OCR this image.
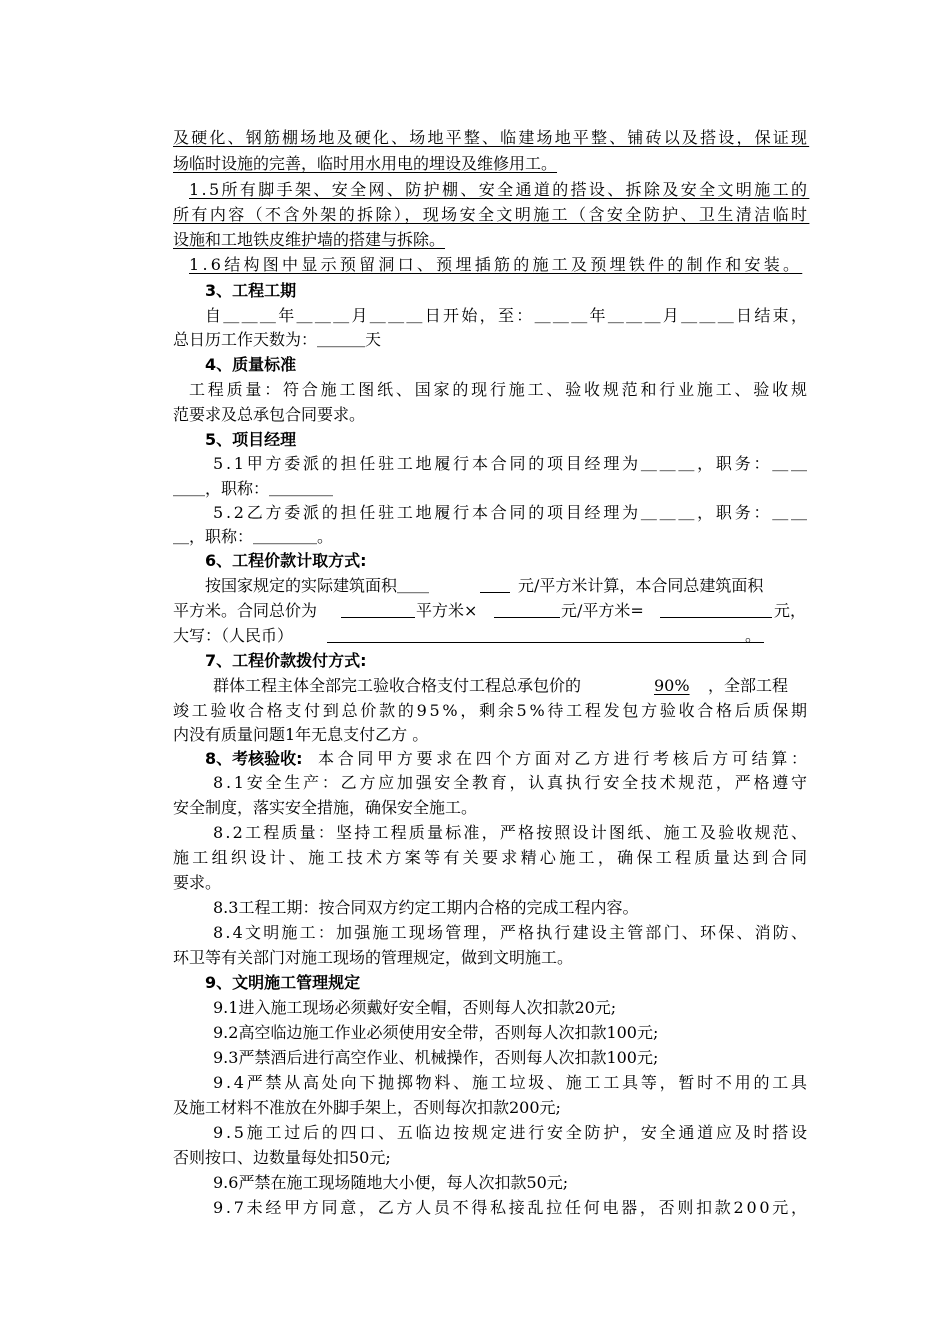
及硬化、钢筋棚场地及硬化、场地平整、临建场地平整、铺砖以及搭设，保证现
场临时设施的完善，临时用水用电的埋设及维修用工。
1.5所有脚手架、安全网、防护棚、安全通道的搭设、拆除及安全文明施工的
所有内容（不含外架的拆除），现场安全文明施工（含安全防护、卫生清洁临时
设施和工地铁皮维护墙的搭建与拆除。
1.6结构图中显示预留洞口、预埋插筋的施工及预埋铁件的制作和安装。
3、工程工期
自＿＿＿年＿＿＿月＿＿＿日开始，至：＿＿＿年＿＿＿月＿＿＿日结束，
总日历工作天数为：＿＿＿天
4、质量标准
工程质量：符合施工图纸、国家的现行施工、验收规范和行业施工、验收规
范要求及总承包合同要求。
5、项目经理
5.1甲方委派的担任驻工地履行本合同的项目经理为＿＿＿，职务：＿＿
＿＿，职称：＿＿＿＿
5.2乙方委派的担任驻工地履行本合同的项目经理为＿＿＿，职务：＿＿
＿，职称：＿＿＿＿。
6、工程价款计取方式:
按国家规定的实际建筑面积＿＿	元/平方米计算，本合同总建筑面积
平方米。合同总价为	平方米×	元/平方米=	元，
大写：（人民币）	。
7、工程价款拨付方式:
群体工程主体全部完工验收合格支付工程总承包价的	90% ，全部工程
竣工验收合格支付到总价款的95%，剩余5%待工程发包方验收合格后质保期
内没有质量问题1年无息支付乙方 。
8、考核验收: 本合同甲方要求在四个方面对乙方进行考核后方可结算：
8.1安全生产：乙方应加强安全教育，认真执行安全技术规范，严格遵守
安全制度，落实安全措施，确保安全施工。
8.2工程质量：坚持工程质量标准，严格按照设计图纸、施工及验收规范、
施工组织设计、施工技术方案等有关要求精心施工，确保工程质量达到合同
要求。
8.3工程工期：按合同双方约定工期内合格的完成工程内容。
8.4文明施工：加强施工现场管理，严格执行建设主管部门、环保、消防、
环卫等有关部门对施工现场的管理规定，做到文明施工。
9、文明施工管理规定
9.1进入施工现场必须戴好安全帽，否则每人次扣款20元;
9.2高空临边施工作业必须使用安全带，否则每人次扣款100元;
9.3严禁酒后进行高空作业、机械操作，否则每人次扣款100元;
9.4严禁从高处向下抛掷物料、施工垃圾、施工工具等，暂时不用的工具
及施工材料不准放在外脚手架上，否则每次扣款200元;
9.5施工过后的四口、五临边按规定进行安全防护，安全通道应及时搭设
否则按口、边数量每处扣50元;
9.6严禁在施工现场随地大小便，每人次扣款50元;
9.7未经甲方同意，乙方人员不得私接乱拉任何电器，否则扣款200元，
